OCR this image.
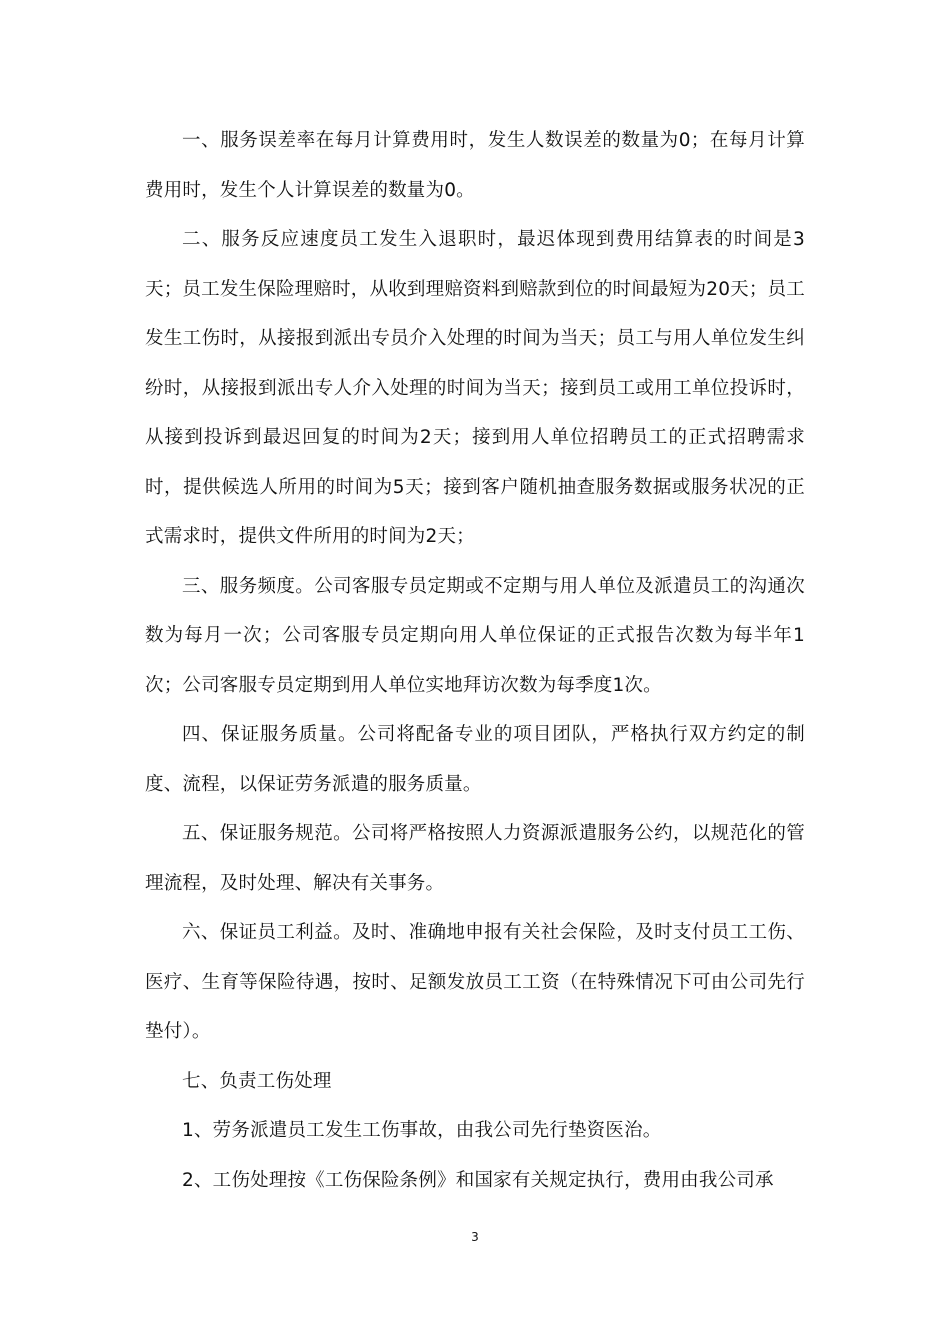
一、服务误差率在每月计算费用时，发生人数误差的数量为0；在每月计算费用时，发生个人计算误差的数量为0。

二、服务反应速度员工发生入退职时，最迟体现到费用结算表的时间是3天；员工发生保险理赔时，从收到理赔资料到赔款到位的时间最短为20天；员工发生工伤时，从接报到派出专员介入处理的时间为当天；员工与用人单位发生纠纷时，从接报到派出专人介入处理的时间为当天；接到员工或用工单位投诉时，从接到投诉到最迟回复的时间为2天；接到用人单位招聘员工的正式招聘需求时，提供候选人所用的时间为5天；接到客户随机抽查服务数据或服务状况的正式需求时，提供文件所用的时间为2天；

三、服务频度。公司客服专员定期或不定期与用人单位及派遣员工的沟通次数为每月一次；公司客服专员定期向用人单位保证的正式报告次数为每半年1次；公司客服专员定期到用人单位实地拜访次数为每季度1次。

四、保证服务质量。公司将配备专业的项目团队，严格执行双方约定的制度、流程，以保证劳务派遣的服务质量。

五、保证服务规范。公司将严格按照人力资源派遣服务公约，以规范化的管理流程，及时处理、解决有关事务。

六、保证员工利益。及时、准确地申报有关社会保险，及时支付员工工伤、医疗、生育等保险待遇，按时、足额发放员工工资（在特殊情况下可由公司先行垫付）。

七、负责工伤处理

1、劳务派遣员工发生工伤事故，由我公司先行垫资医治。

2、工伤处理按《工伤保险条例》和国家有关规定执行，费用由我公司承

3
